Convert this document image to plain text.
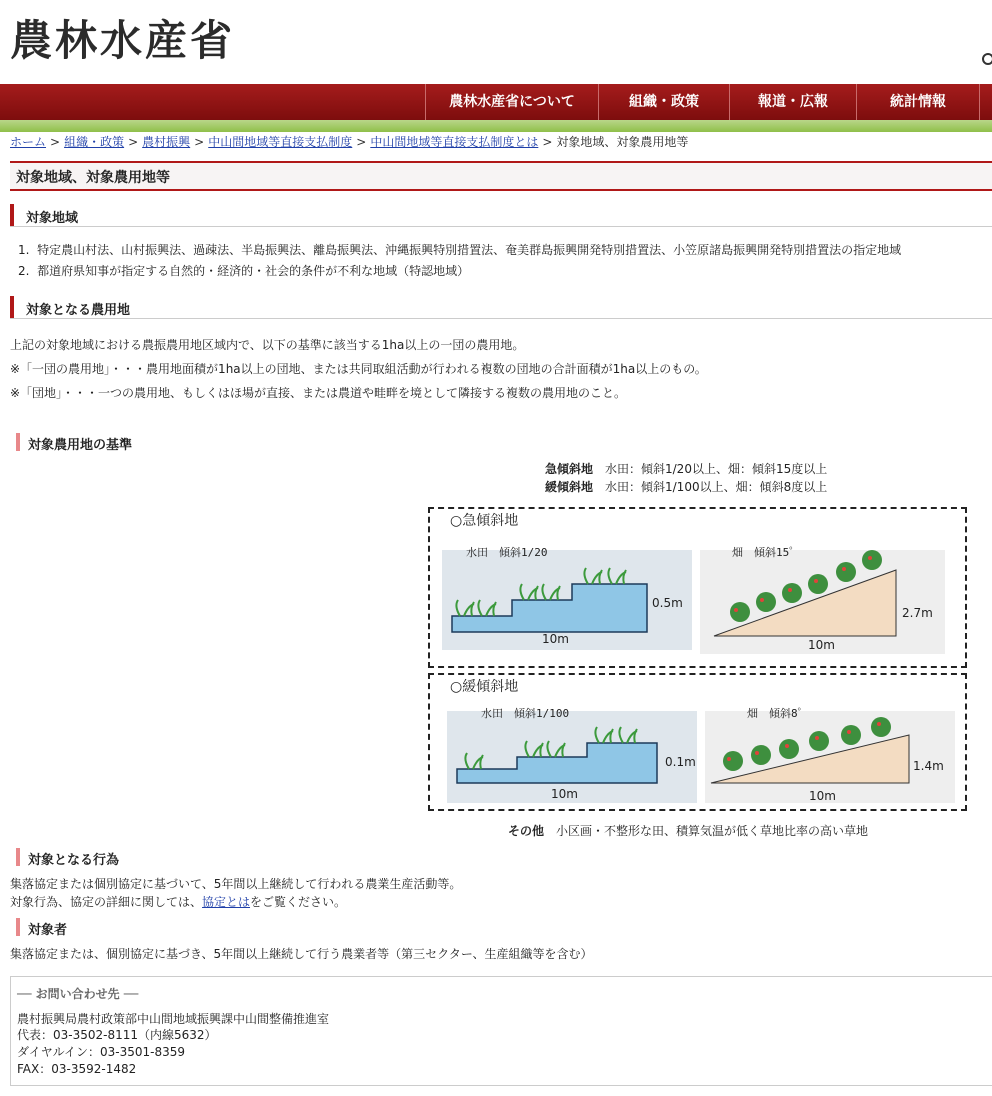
農林水産省
農林水産省について	組織・政策	報道・広報	統計情報
ホーム > 組織・政策 > 農村振興 > 中山間地域等直接支払制度 > 中山間地域等直接支払制度とは > 対象地域、対象農用地等
対象地域、対象農用地等
対象地域
1.  特定農山村法、山村振興法、過疎法、半島振興法、離島振興法、沖縄振興特別措置法、奄美群島振興開発特別措置法、小笠原諸島振興開発特別措置法の指定地域
2.  都道府県知事が指定する自然的・経済的・社会的条件が不利な地域（特認地域）
対象となる農用地
上記の対象地域における農振農用地区域内で、以下の基準に該当する1ha以上の一団の農用地。
※「一団の農用地」・・・農用地面積が1ha以上の団地、または共同取組活動が行われる複数の団地の合計面積が1ha以上のもの。
※「団地」・・・一つの農用地、もしくはほ場が直接、または農道や畦畔を境として隣接する複数の農用地のこと。
対象農用地の基準
急傾斜地 水田：傾斜1/20以上、畑：傾斜15度以上
緩傾斜地 水田：傾斜1/100以上、畑：傾斜8度以上
○急傾斜地
水田　傾斜1/20
0.5m
10m
畑　傾斜15゜
2.7m
10m
○緩傾斜地
水田　傾斜1/100
0.1m
10m
畑　傾斜8゜
1.4m
10m
その他 小区画・不整形な田、積算気温が低く草地比率の高い草地
対象となる行為
集落協定または個別協定に基づいて、5年間以上継続して行われる農業生産活動等。
対象行為、協定の詳細に関しては、協定とはをご覧ください。
対象者
集落協定または、個別協定に基づき、5年間以上継続して行う農業者等（第三セクター、生産組織等を含む）
── お問い合わせ先 ──
農村振興局農村政策部中山間地域振興課中山間整備推進室
代表：03-3502-8111（内線5632）
ダイヤルイン：03-3501-8359
FAX：03-3592-1482
